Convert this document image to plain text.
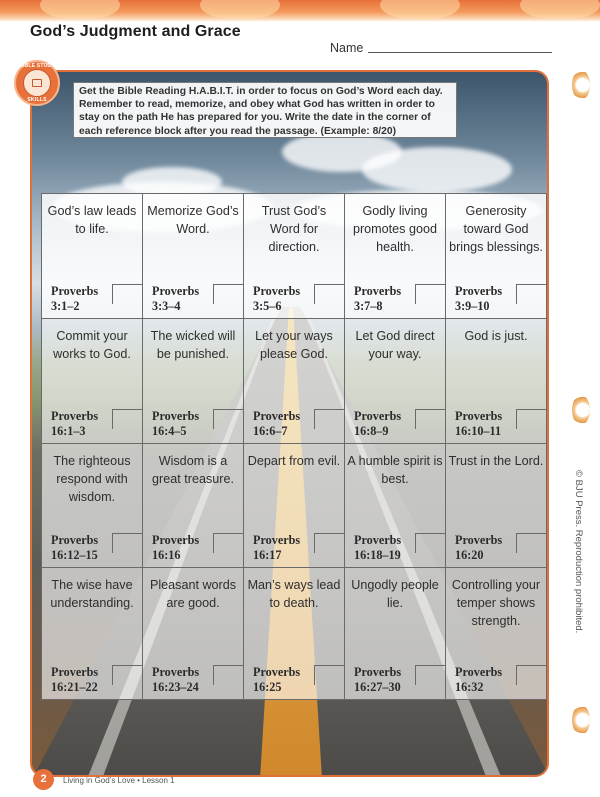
God’s Judgment and Grace
Name
BIBLE STUDY
SKILLS
Get the Bible Reading H.A.B.I.T. in order to focus on God’s Word each day. Remember to read, memorize, and obey what God has written in order to stay on the path He has prepared for you. Write the date in the corner of each reference block after you read the passage. (Example: 8/20)
God’s law leads to life.
Proverbs
3:1–2
Memorize God’s Word.
Proverbs
3:3–4
Trust God’s Word for direction.
Proverbs
3:5–6
Godly living promotes good health.
Proverbs
3:7–8
Generosity toward God brings blessings.
Proverbs
3:9–10
Commit your works to God.
Proverbs
16:1–3
The wicked will be punished.
Proverbs
16:4–5
Let your ways please God.
Proverbs
16:6–7
Let God direct your way.
Proverbs
16:8–9
God is just.
Proverbs
16:10–11
The righteous respond with wisdom.
Proverbs
16:12–15
Wisdom is a great treasure.
Proverbs
16:16
Depart from evil.
Proverbs
16:17
A humble spirit is best.
Proverbs
16:18–19
Trust in the Lord.
Proverbs
16:20
The wise have understanding.
Proverbs
16:21–22
Pleasant words are good.
Proverbs
16:23–24
Man’s ways lead to death.
Proverbs
16:25
Ungodly people lie.
Proverbs
16:27–30
Controlling your temper shows strength.
Proverbs
16:32
© BJU Press. Reproduction prohibited.
2	Living in God’s Love • Lesson 1
